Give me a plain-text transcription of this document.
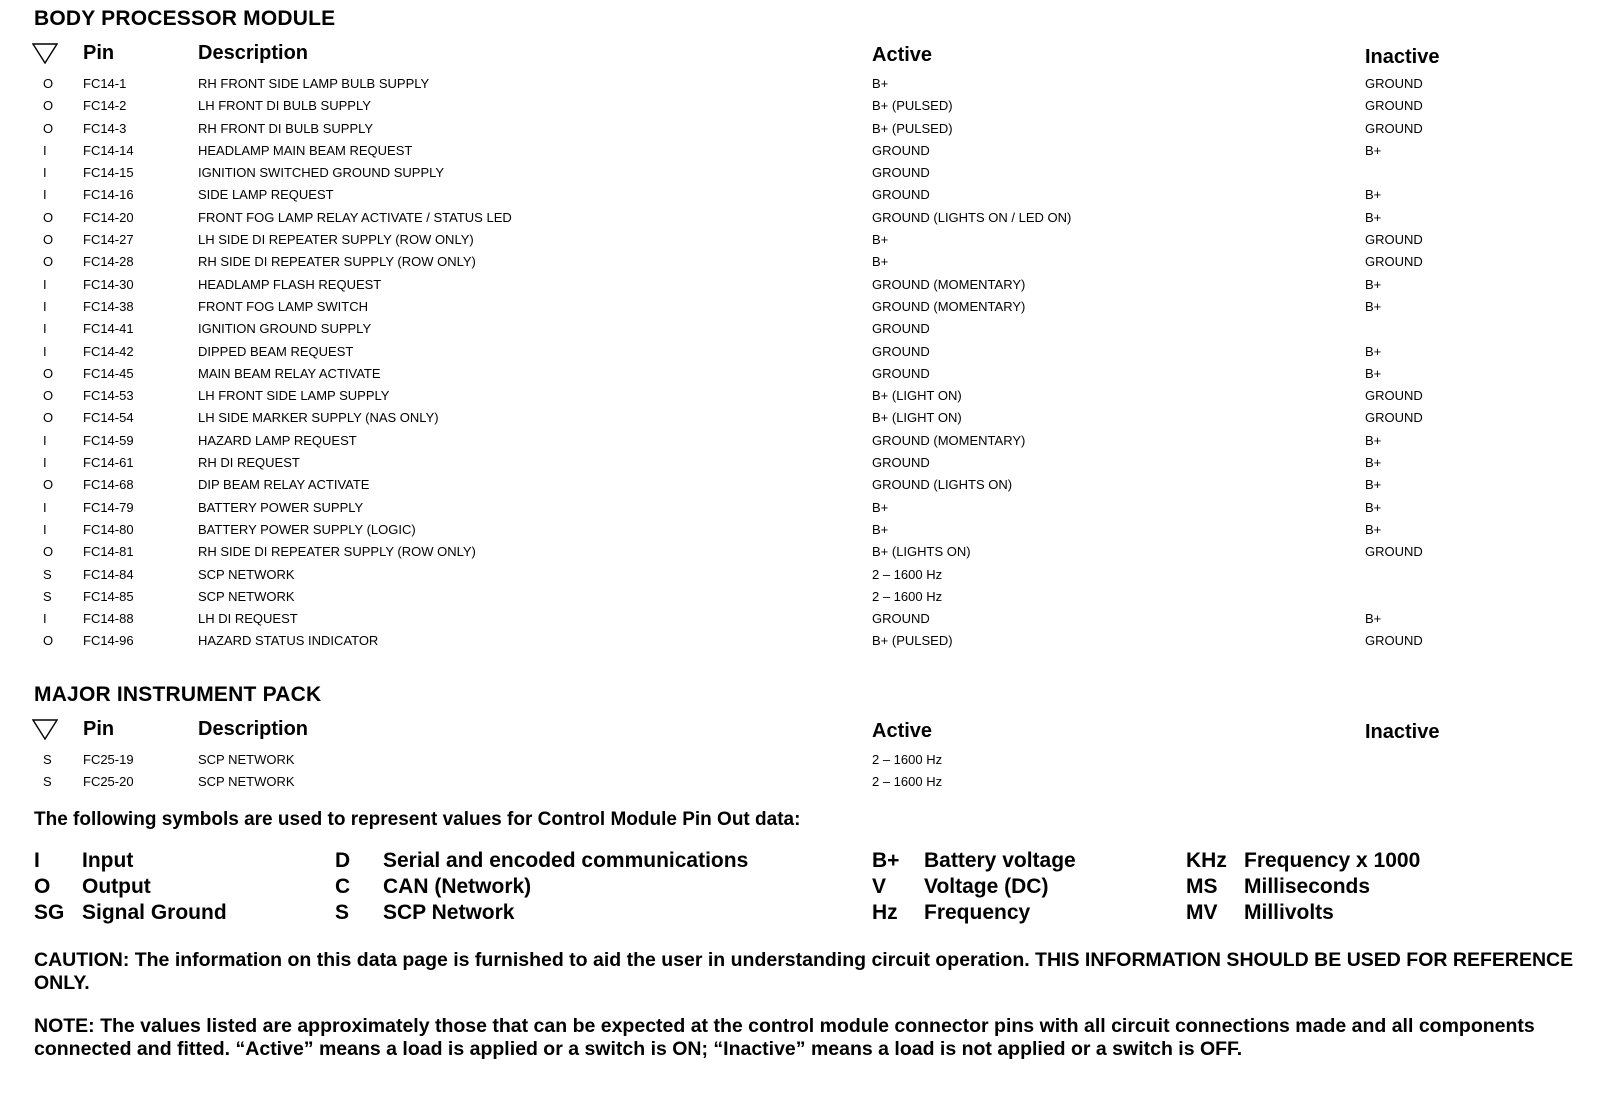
BODY PROCESSOR MODULE
Pin	Description	Active	Inactive
O FC14-1	RH FRONT SIDE LAMP BULB SUPPLY	B+	GROUND
O FC14-2	LH FRONT DI BULB SUPPLY	B+ (PULSED)	GROUND
O FC14-3	RH FRONT DI BULB SUPPLY	B+ (PULSED)	GROUND
I	FC14-14	HEADLAMP MAIN BEAM REQUEST	GROUND	B+
I	FC14-15	IGNITION SWITCHED GROUND SUPPLY	GROUND
I	FC14-16	SIDE LAMP REQUEST	GROUND	B+
O FC14-20	FRONT FOG LAMP RELAY ACTIVATE / STATUS LED	GROUND (LIGHTS ON / LED ON)	B+
O FC14-27	LH SIDE DI REPEATER SUPPLY (ROW ONLY)	B+	GROUND
O FC14-28	RH SIDE DI REPEATER SUPPLY (ROW ONLY)	B+	GROUND
I	FC14-30	HEADLAMP FLASH REQUEST	GROUND (MOMENTARY)	B+
I	FC14-38	FRONT FOG LAMP SWITCH	GROUND (MOMENTARY)	B+
I	FC14-41	IGNITION GROUND SUPPLY	GROUND
I	FC14-42	DIPPED BEAM REQUEST	GROUND	B+
O FC14-45	MAIN BEAM RELAY ACTIVATE	GROUND	B+
O FC14-53	LH FRONT SIDE LAMP SUPPLY	B+ (LIGHT ON)	GROUND
O FC14-54	LH SIDE MARKER SUPPLY (NAS ONLY)	B+ (LIGHT ON)	GROUND
I	FC14-59	HAZARD LAMP REQUEST	GROUND (MOMENTARY)	B+
I	FC14-61	RH DI REQUEST	GROUND	B+
O FC14-68	DIP BEAM RELAY ACTIVATE	GROUND (LIGHTS ON)	B+
I	FC14-79	BATTERY POWER SUPPLY	B+	B+
I	FC14-80	BATTERY POWER SUPPLY (LOGIC)	B+	B+
O FC14-81	RH SIDE DI REPEATER SUPPLY (ROW ONLY)	B+ (LIGHTS ON)	GROUND
S FC14-84	SCP NETWORK	2 – 1600 Hz
S FC14-85	SCP NETWORK	2 – 1600 Hz
I	FC14-88	LH DI REQUEST	GROUND	B+
O FC14-96	HAZARD STATUS INDICATOR	B+ (PULSED)	GROUND
MAJOR INSTRUMENT PACK
Pin	Description	Active	Inactive
S FC25-19	SCP NETWORK	2 – 1600 Hz
S FC25-20	SCP NETWORK	2 – 1600 Hz

The following symbols are used to represent values for Control Module Pin Out data:

I Input
O Output
SG Signal Ground
D Serial and encoded communications
C CAN (Network)
S SCP Network
B+ Battery voltage
V Voltage (DC)
Hz Frequency
KHz Frequency x 1000
MS Milliseconds
MV Millivolts

CAUTION: The information on this data page is furnished to aid the user in understanding circuit operation. THIS INFORMATION SHOULD BE USED FOR REFERENCE ONLY.

NOTE: The values listed are approximately those that can be expected at the control module connector pins with all circuit connections made and all components connected and fitted. “Active” means a load is applied or a switch is ON; “Inactive” means a load is not applied or a switch is OFF.
